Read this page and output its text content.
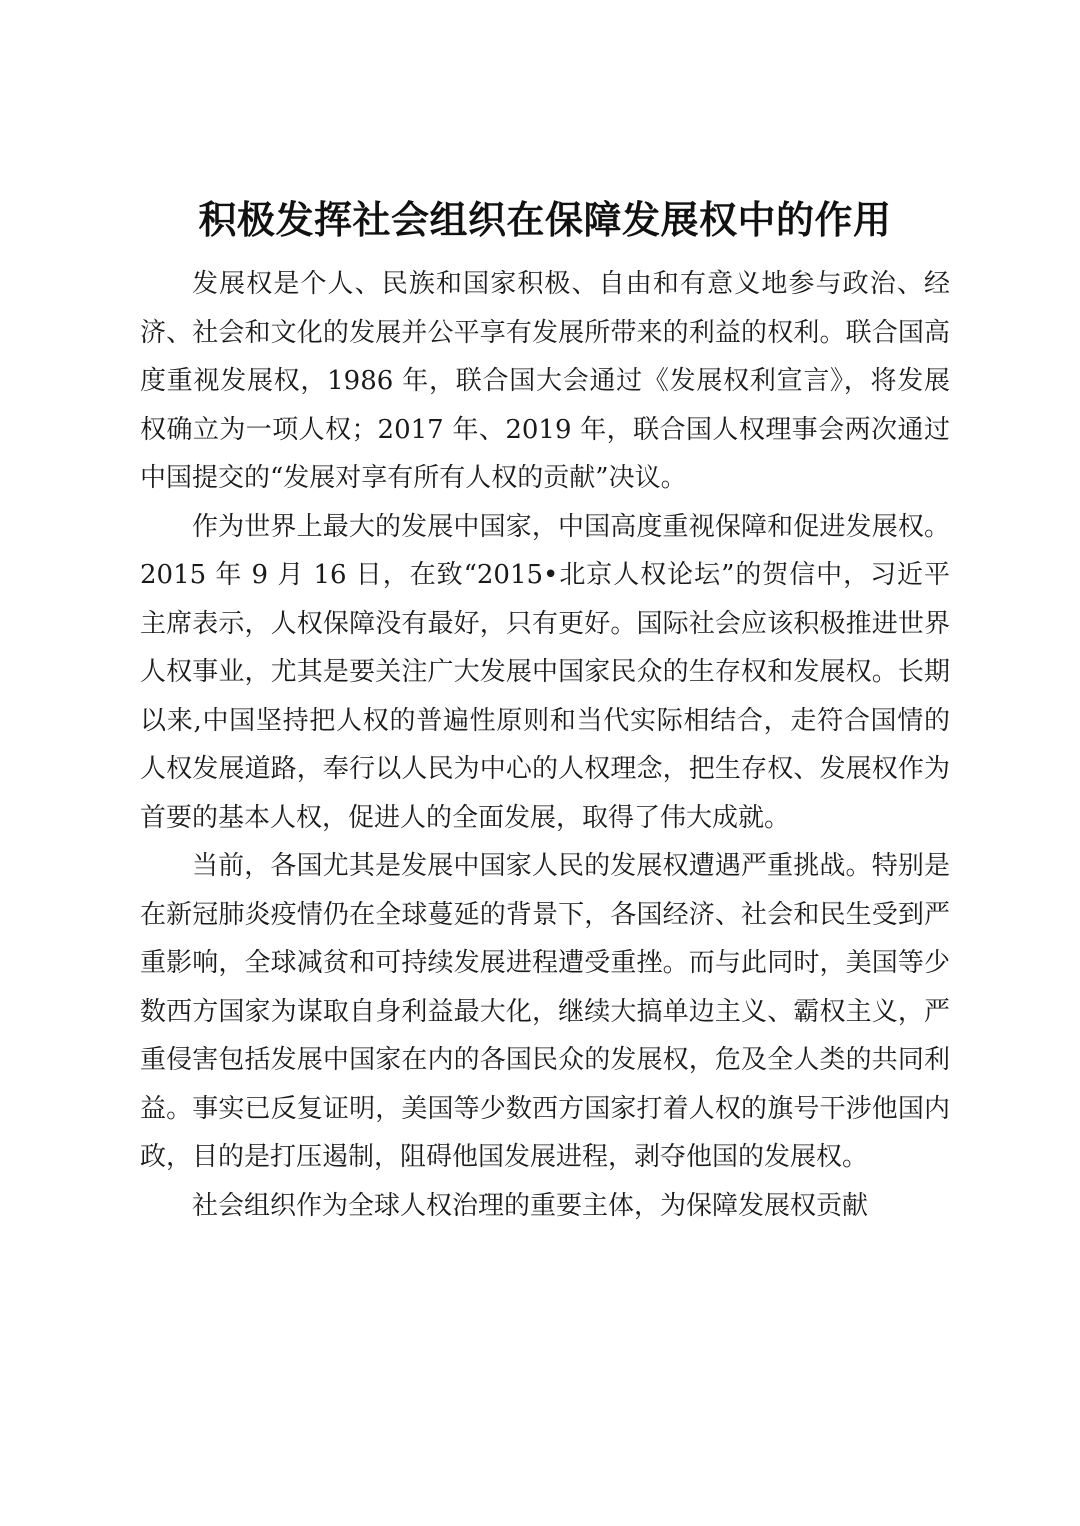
积极发挥社会组织在保障发展权中的作用

发展权是个人、民族和国家积极、自由和有意义地参与政治、经济、社会和文化的发展并公平享有发展所带来的利益的权利。联合国高度重视发展权，1986 年，联合国大会通过《发展权利宣言》，将发展权确立为一项人权；2017 年、2019 年，联合国人权理事会两次通过中国提交的“发展对享有所有人权的贡献”决议。

作为世界上最大的发展中国家，中国高度重视保障和促进发展权。2015 年 9 月 16 日，在致“2015•北京人权论坛”的贺信中，习近平主席表示，人权保障没有最好，只有更好。国际社会应该积极推进世界人权事业，尤其是要关注广大发展中国家民众的生存权和发展权。长期以来,中国坚持把人权的普遍性原则和当代实际相结合，走符合国情的人权发展道路，奉行以人民为中心的人权理念，把生存权、发展权作为首要的基本人权，促进人的全面发展，取得了伟大成就。

当前，各国尤其是发展中国家人民的发展权遭遇严重挑战。特别是在新冠肺炎疫情仍在全球蔓延的背景下，各国经济、社会和民生受到严重影响，全球减贫和可持续发展进程遭受重挫。而与此同时，美国等少数西方国家为谋取自身利益最大化，继续大搞单边主义、霸权主义，严重侵害包括发展中国家在内的各国民众的发展权，危及全人类的共同利益。事实已反复证明，美国等少数西方国家打着人权的旗号干涉他国内政，目的是打压遏制，阻碍他国发展进程，剥夺他国的发展权。

社会组织作为全球人权治理的重要主体，为保障发展权贡献
